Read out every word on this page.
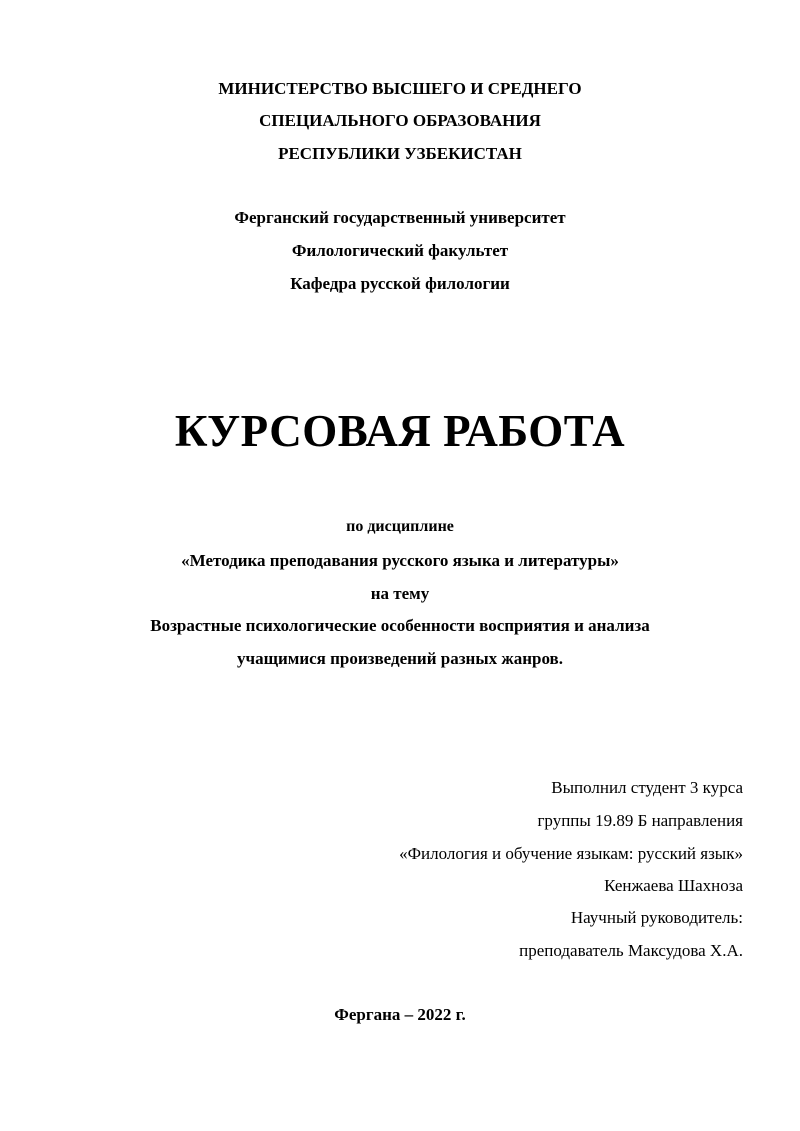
МИНИСТЕРСТВО ВЫСШЕГО И СРЕДНЕГО
СПЕЦИАЛЬНОГО ОБРАЗОВАНИЯ
РЕСПУБЛИКИ УЗБЕКИСТАН
Ферганский государственный университет
Филологический факультет
Кафедра русской филологии
КУРСОВАЯ РАБОТА
по дисциплине
«Методика преподавания русского языка и литературы»
на тему
Возрастные психологические особенности восприятия и анализа
учащимися произведений разных жанров.
Выполнил студент 3 курса
группы 19.89 Б направления
«Филология и обучение языкам: русский язык»
Кенжаева Шахноза
Научный руководитель:
преподаватель Максудова Х.А.
Фергана – 2022 г.
